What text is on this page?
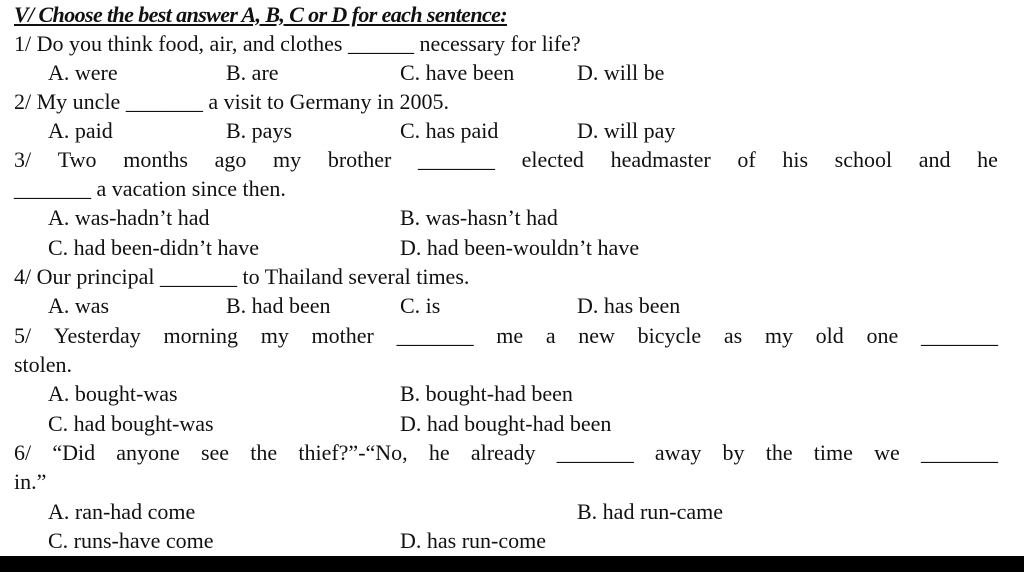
V/ Choose the best answer A, B, C or D for each sentence:
1/ Do you think food, air, and clothes ______ necessary for life?
A. were	B. are	C. have been	D. will be
2/ My uncle _______ a visit to Germany in 2005.
A. paid	B. pays	C. has paid	D. will pay
3/ Two months ago my brother _______ elected headmaster of his school and he
_______ a vacation since then.
A. was-hadn’t had	B. was-hasn’t had
C. had been-didn’t have	D. had been-wouldn’t have
4/ Our principal _______ to Thailand several times.
A. was	B. had been	C. is	D. has been
5/ Yesterday morning my mother _______ me a new bicycle as my old one _______
stolen.
A. bought-was	B. bought-had been
C. had bought-was	D. had bought-had been
6/ “Did anyone see the thief?”-“No, he already _______ away by the time we _______
in.”
A. ran-had come	B. had run-came
C. runs-have come	D. has run-come
